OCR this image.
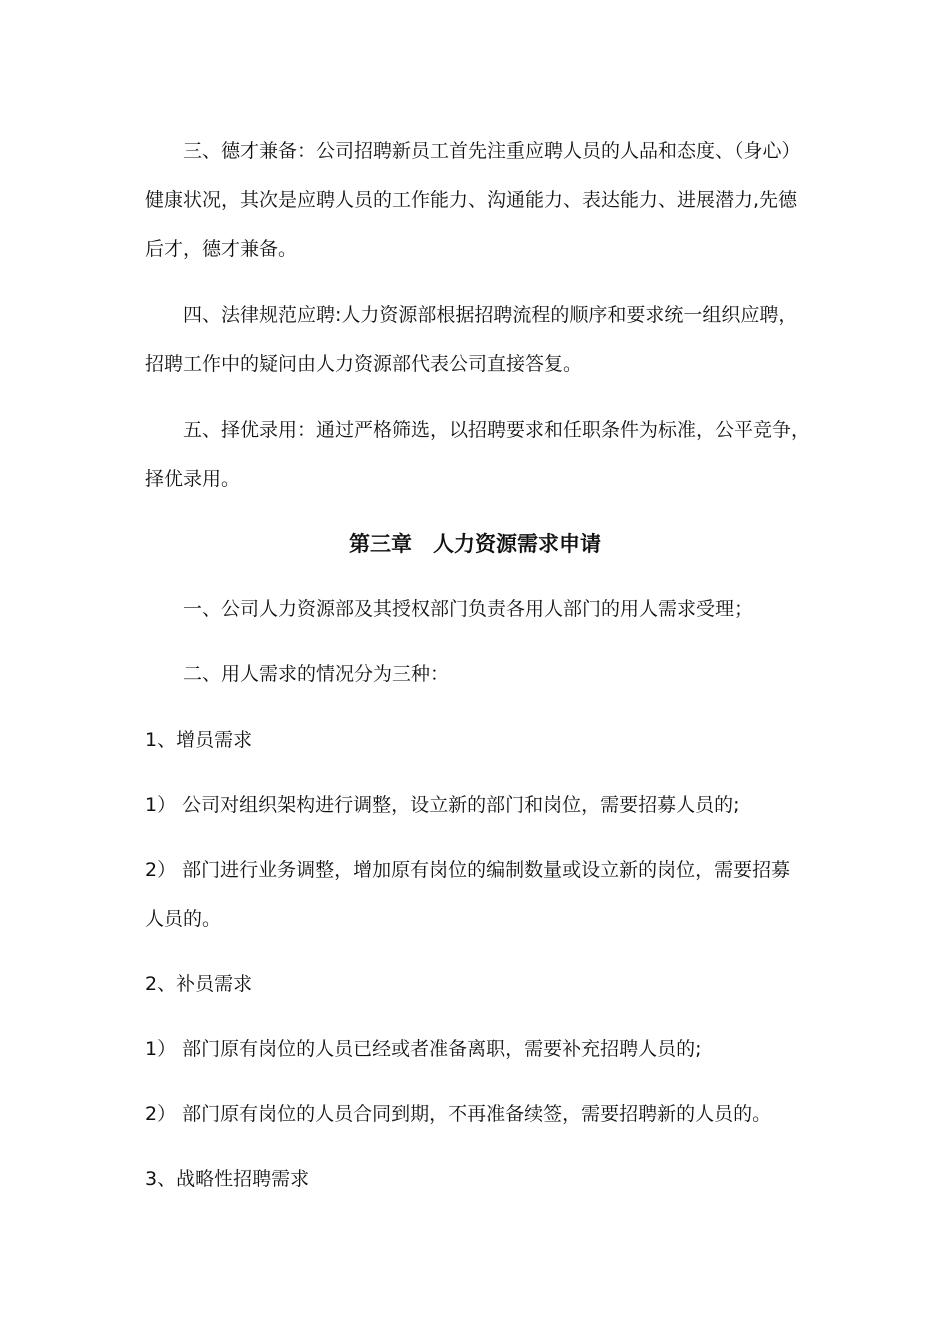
三、德才兼备：公司招聘新员工首先注重应聘人员的人品和态度、（身心）
健康状况，其次是应聘人员的工作能力、沟通能力、表达能力、进展潜力,先德
后才，德才兼备。
四、法律规范应聘:人力资源部根据招聘流程的顺序和要求统一组织应聘，
招聘工作中的疑问由人力资源部代表公司直接答复。
五、择优录用：通过严格筛选，以招聘要求和任职条件为标准，公平竞争，
择优录用。
第三章　人力资源需求申请
一、公司人力资源部及其授权部门负责各用人部门的用人需求受理；
二、用人需求的情况分为三种：
1、增员需求
1） 公司对组织架构进行调整，设立新的部门和岗位，需要招募人员的;
2） 部门进行业务调整，增加原有岗位的编制数量或设立新的岗位，需要招募
人员的。
2、补员需求
1） 部门原有岗位的人员已经或者准备离职，需要补充招聘人员的;
2） 部门原有岗位的人员合同到期，不再准备续签，需要招聘新的人员的。
3、战略性招聘需求
